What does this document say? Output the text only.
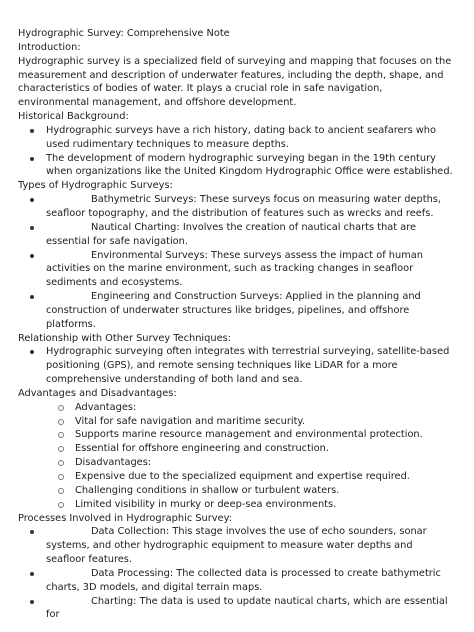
Hydrographic Survey: Comprehensive Note

Introduction:

Hydrographic survey is a specialized field of surveying and mapping that focuses on the measurement and description of underwater features, including the depth, shape, and characteristics of bodies of water. It plays a crucial role in safe navigation, environmental management, and offshore development.

Historical Background:

Hydrographic surveys have a rich history, dating back to ancient seafarers who used rudimentary techniques to measure depths.
The development of modern hydrographic surveying began in the 19th century when organizations like the United Kingdom Hydrographic Office were established.

Types of Hydrographic Surveys:

Bathymetric Surveys: These surveys focus on measuring water depths, seafloor topography, and the distribution of features such as wrecks and reefs.
Nautical Charting: Involves the creation of nautical charts that are essential for safe navigation.
Environmental Surveys: These surveys assess the impact of human activities on the marine environment, such as tracking changes in seafloor sediments and ecosystems.
Engineering and Construction Surveys: Applied in the planning and construction of underwater structures like bridges, pipelines, and offshore platforms.

Relationship with Other Survey Techniques:

Hydrographic surveying often integrates with terrestrial surveying, satellite-based positioning (GPS), and remote sensing techniques like LiDAR for a more comprehensive understanding of both land and sea.

Advantages and Disadvantages:

Advantages:
Vital for safe navigation and maritime security.
Supports marine resource management and environmental protection.
Essential for offshore engineering and construction.
Disadvantages:
Expensive due to the specialized equipment and expertise required.
Challenging conditions in shallow or turbulent waters.
Limited visibility in murky or deep-sea environments.

Processes Involved in Hydrographic Survey:

Data Collection: This stage involves the use of echo sounders, sonar systems, and other hydrographic equipment to measure water depths and seafloor features.
Data Processing: The collected data is processed to create bathymetric charts, 3D models, and digital terrain maps.
Charting: The data is used to update nautical charts, which are essential for
